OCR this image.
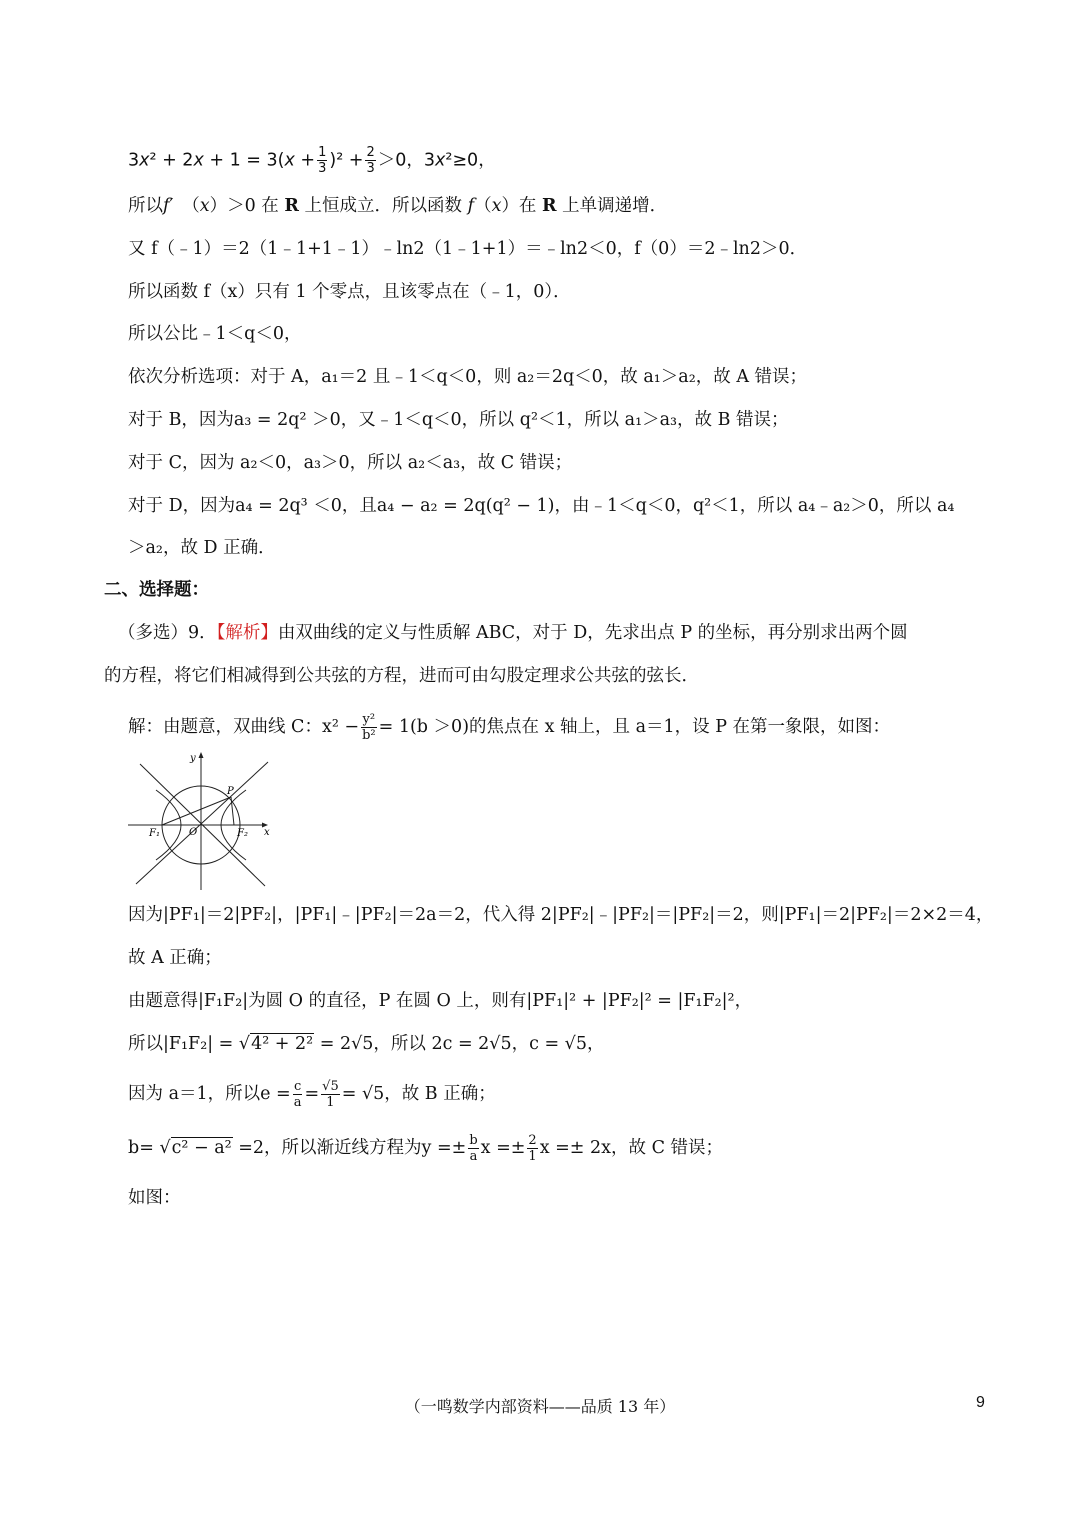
$3x^2 + 2x + 1 = 3(x + \frac{1}{3} )^2 + \frac{2}{3} >0$，3x²≥0，
所以f′　 （x）＞0 在 R 上恒成立．所以函数 f（x）在 R 上单调递增．
又 f（﹣1）＝2（1﹣1+1﹣1）﹣ln2（1﹣1+1）＝﹣ln2＜0，f（0）＝2﹣ln2＞0．
所以函数 f（x）只有 1 个零点，且该零点在（﹣1，0）．
所以公比﹣1＜q＜0，
依次分析选项：对于 A，a₁＝2 且﹣1＜q＜0，则 a₂＝2q＜0，故 a₁＞a₂，故 A 错误；
对于 B，因为a₃ = 2q² ＞0，又﹣1＜q＜0，所以 q²＜1，所以 a₁＞a₃，故 B 错误；
对于 C，因为 a₂＜0，a₃＞0，所以 a₂＜a₃，故 C 错误；
对于 D，因为a₄ = 2q³ ＜0，且a₄ − a₂ = 2q(q² − 1)，由﹣1＜q＜0，q²＜1，所以 a₄﹣a₂＞0，所以 a₄
＞a₂，故 D 正确．
二、选择题：
（多选）9．【解析】由双曲线的定义与性质解 ABC，对于 D，先求出点 P 的坐标，再分别求出两个圆
的方程，将它们相减得到公共弦的方程，进而可由勾股定理求公共弦的弦长．
解：由题意，双曲线 C：$x^2 - \frac{\text{y²}}{\text{b²}} = 1(b >0)$的焦点在 x 轴上，且 a＝1，设 P 在第一象限，如图：
y
x
O
P
F₁	F₂
因为|PF₁|＝2|PF₂|，|PF₁|﹣|PF₂|＝2a＝2，代入得 2|PF₂|﹣|PF₂|＝|PF₂|＝2，则|PF₁|＝2|PF₂|＝2×2＝4，
故 A 正确；
由题意得|F₁F₂|为圆 O 的直径，P 在圆 O 上，则有|PF₁|² + |PF₂|² = |F₁F₂|²，
所以|F₁F₂| = √4² + 2² = 2√5，所以 2c = 2√5，c = √5，
因为 a＝1，所以$e = \frac{c}{a} = \frac{√5}{1} = √5$，故 B 正确；
b= √c² − a² =2，所以渐近线方程为$y =\pm \frac{b}{a}$ $x =\pm \frac{2}{1}$ x =± 2x，故 C 错误；
如图：
（一鸣数学内部资料——品质 13 年）	9
